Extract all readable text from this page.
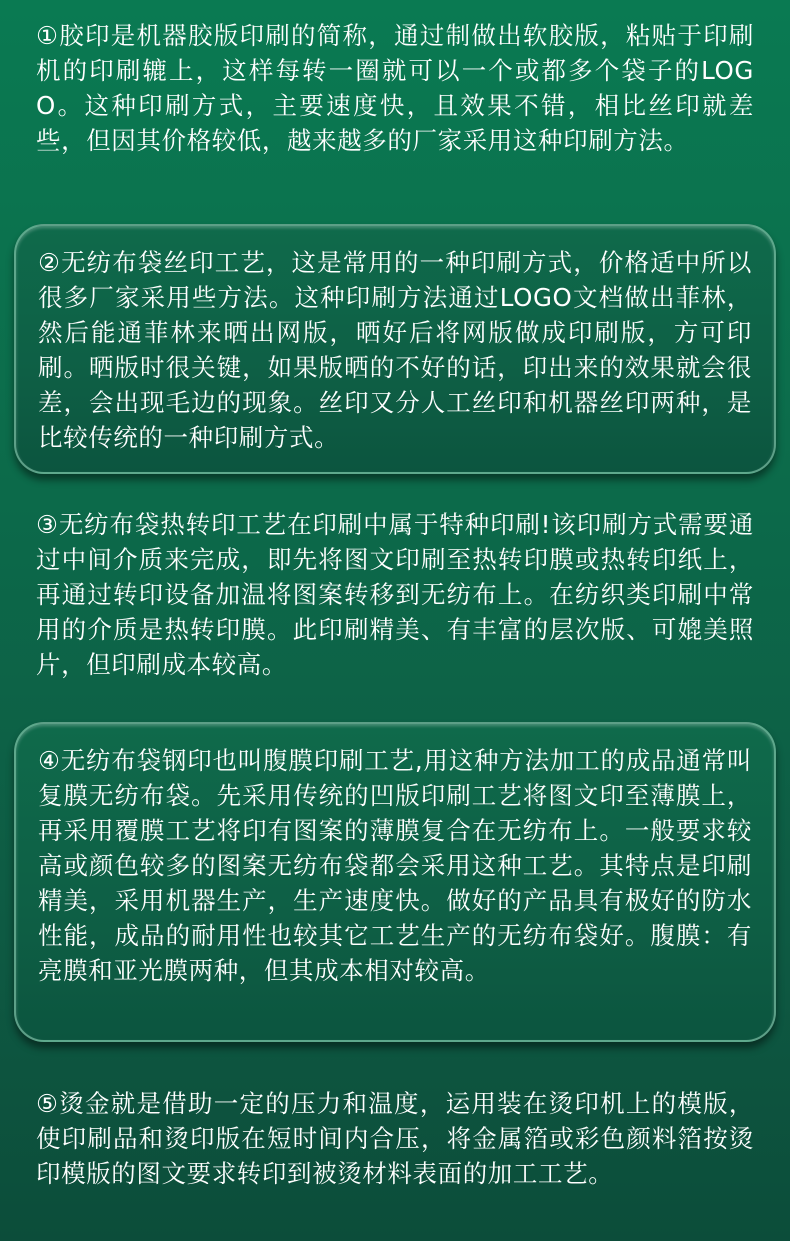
①胶印是机器胶版印刷的简称，通过制做出软胶版，粘贴于印刷机的印刷辘上，这样每转一圈就可以一个或都多个袋子的LOGO。这种印刷方式，主要速度快，且效果不错，相比丝印就差些，但因其价格较低，越来越多的厂家采用这种印刷方法。

②无纺布袋丝印工艺，这是常用的一种印刷方式，价格适中所以很多厂家采用些方法。这种印刷方法通过LOGO文档做出菲林，然后能通菲林来晒出网版，晒好后将网版做成印刷版，方可印刷。晒版时很关键，如果版晒的不好的话，印出来的效果就会很差，会出现毛边的现象。丝印又分人工丝印和机器丝印两种，是比较传统的一种印刷方式。

③无纺布袋热转印工艺在印刷中属于特种印刷!该印刷方式需要通过中间介质来完成，即先将图文印刷至热转印膜或热转印纸上，再通过转印设备加温将图案转移到无纺布上。在纺织类印刷中常用的介质是热转印膜。此印刷精美、有丰富的层次版、可媲美照片，但印刷成本较高。

④无纺布袋钢印也叫腹膜印刷工艺,用这种方法加工的成品通常叫复膜无纺布袋。先采用传统的凹版印刷工艺将图文印至薄膜上，再采用覆膜工艺将印有图案的薄膜复合在无纺布上。一般要求较高或颜色较多的图案无纺布袋都会采用这种工艺。其特点是印刷精美，采用机器生产，生产速度快。做好的产品具有极好的防水性能，成品的耐用性也较其它工艺生产的无纺布袋好。腹膜：有亮膜和亚光膜两种，但其成本相对较高。

⑤烫金就是借助一定的压力和温度，运用装在烫印机上的模版，使印刷品和烫印版在短时间内合压，将金属箔或彩色颜料箔按烫印模版的图文要求转印到被烫材料表面的加工工艺。
